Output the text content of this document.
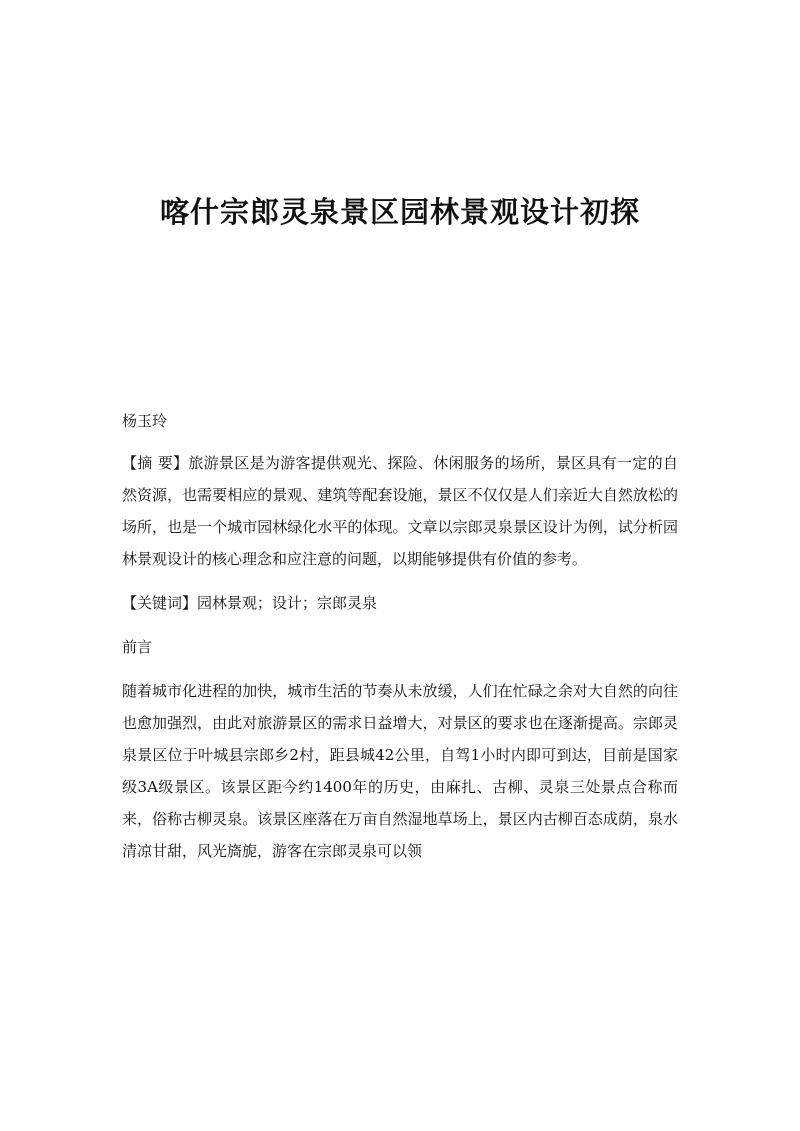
喀什宗郎灵泉景区园林景观设计初探

杨玉玲

【摘 要】旅游景区是为游客提供观光、探险、休闲服务的场所，景区具有一定的自然资源，也需要相应的景观、建筑等配套设施，景区不仅仅是人们亲近大自然放松的场所，也是一个城市园林绿化水平的体现。文章以宗郎灵泉景区设计为例，试分析园林景观设计的核心理念和应注意的问题，以期能够提供有价值的参考。

【关键词】园林景观；设计；宗郎灵泉

前言

随着城市化进程的加快，城市生活的节奏从未放缓，人们在忙碌之余对大自然的向往也愈加强烈，由此对旅游景区的需求日益增大，对景区的要求也在逐渐提高。宗郎灵泉景区位于叶城县宗郎乡2村，距县城42公里，自驾1小时内即可到达，目前是国家级3A级景区。该景区距今约1400年的历史，由麻扎、古柳、灵泉三处景点合称而来，俗称古柳灵泉。该景区座落在万亩自然湿地草场上，景区内古柳百态成荫，泉水清凉甘甜，风光旖旎，游客在宗郎灵泉可以领
